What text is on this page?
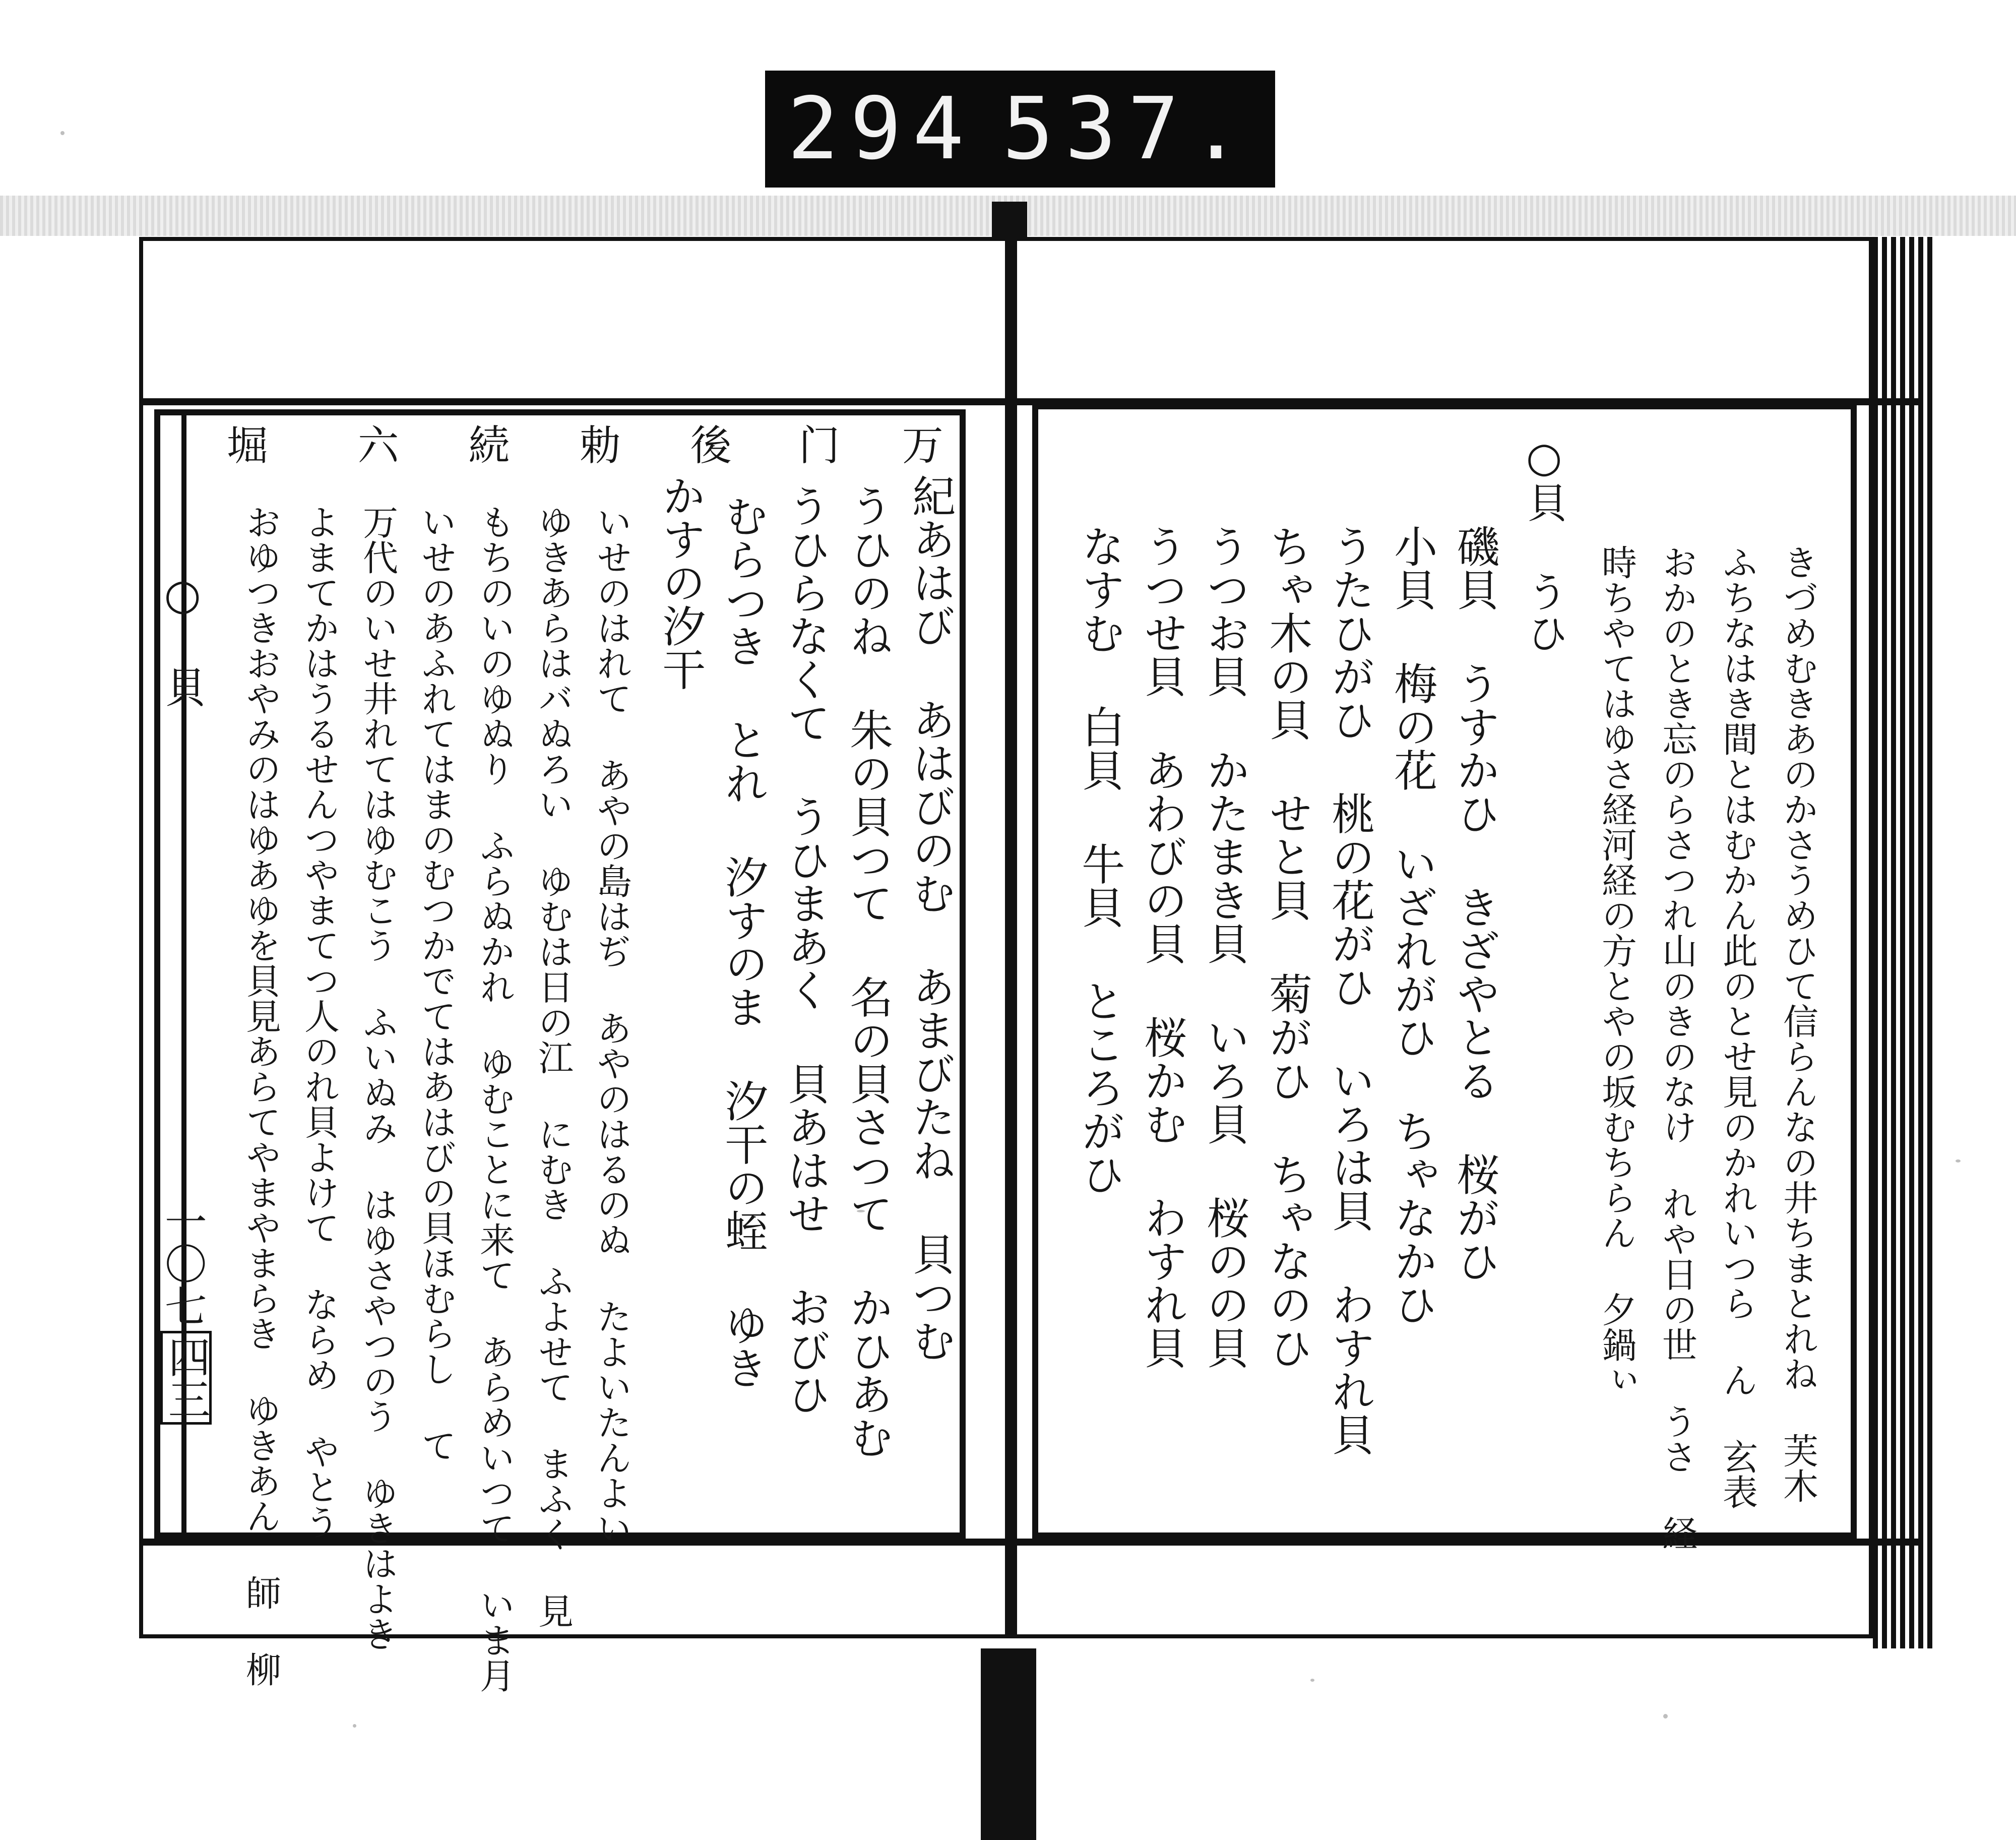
294 537.
○
貝
一〇七
四三
万
门
後
勅
続
六
堀
紀あはび あはびのむ あまびたね 貝つむ
うひのね 朱の貝つて 名の貝さつて かひあむ
うひらなくて うひまあく 貝あはせ おびひ
むらつき とれ 汐すのま 汐干の蛭 ゆき
かすの汐干
いせのはれて あやの島はぢ あやのはるのぬ たよいたんよい
ゆきあらはバぬろい ゆむは日の江 にむき ふよせて まふく 見
もちのいのゆぬり ふらぬかれ ゆむことに来て あらめいつて いま月
いせのあふれてはまのむつかでてはあはびの貝ほむらし て
万代のいせ井れてはゆむこう ふいぬみ はゆさやつのう ゆきはよき
よまてかはうるせんつやまてつ人のれ貝よけて ならめ やとう
おゆつきおやみのはゆあゆを貝見あらてやまやまらき ゆきあん 師 柳	きづめむきあのかさうめひて信らんなの井ちまとれね 芙木
ふちなはき間とはむかん此のとせ見のかれいつら ん 玄表
おかのとき忘のらさつれ山のきのなけ れや日の世 うさ 経
時ちやてはゆさ経河経の方とやの坂むちらん 夕鍋ぃ
○貝 うひ
磯貝 うすかひ きざやとる 桜がひ
小貝 梅の花 いざれがひ ちゃなかひ
うたひがひ 桃の花がひ いろは貝 わすれ貝
ちゃ木の貝 せと貝 菊がひ ちゃなのひ
うつお貝 かたまき貝 いろ貝 桜のの貝
うつせ貝 あわびの貝 桜かむ わすれ貝
なすむ 白貝 牛貝 ところがひ
